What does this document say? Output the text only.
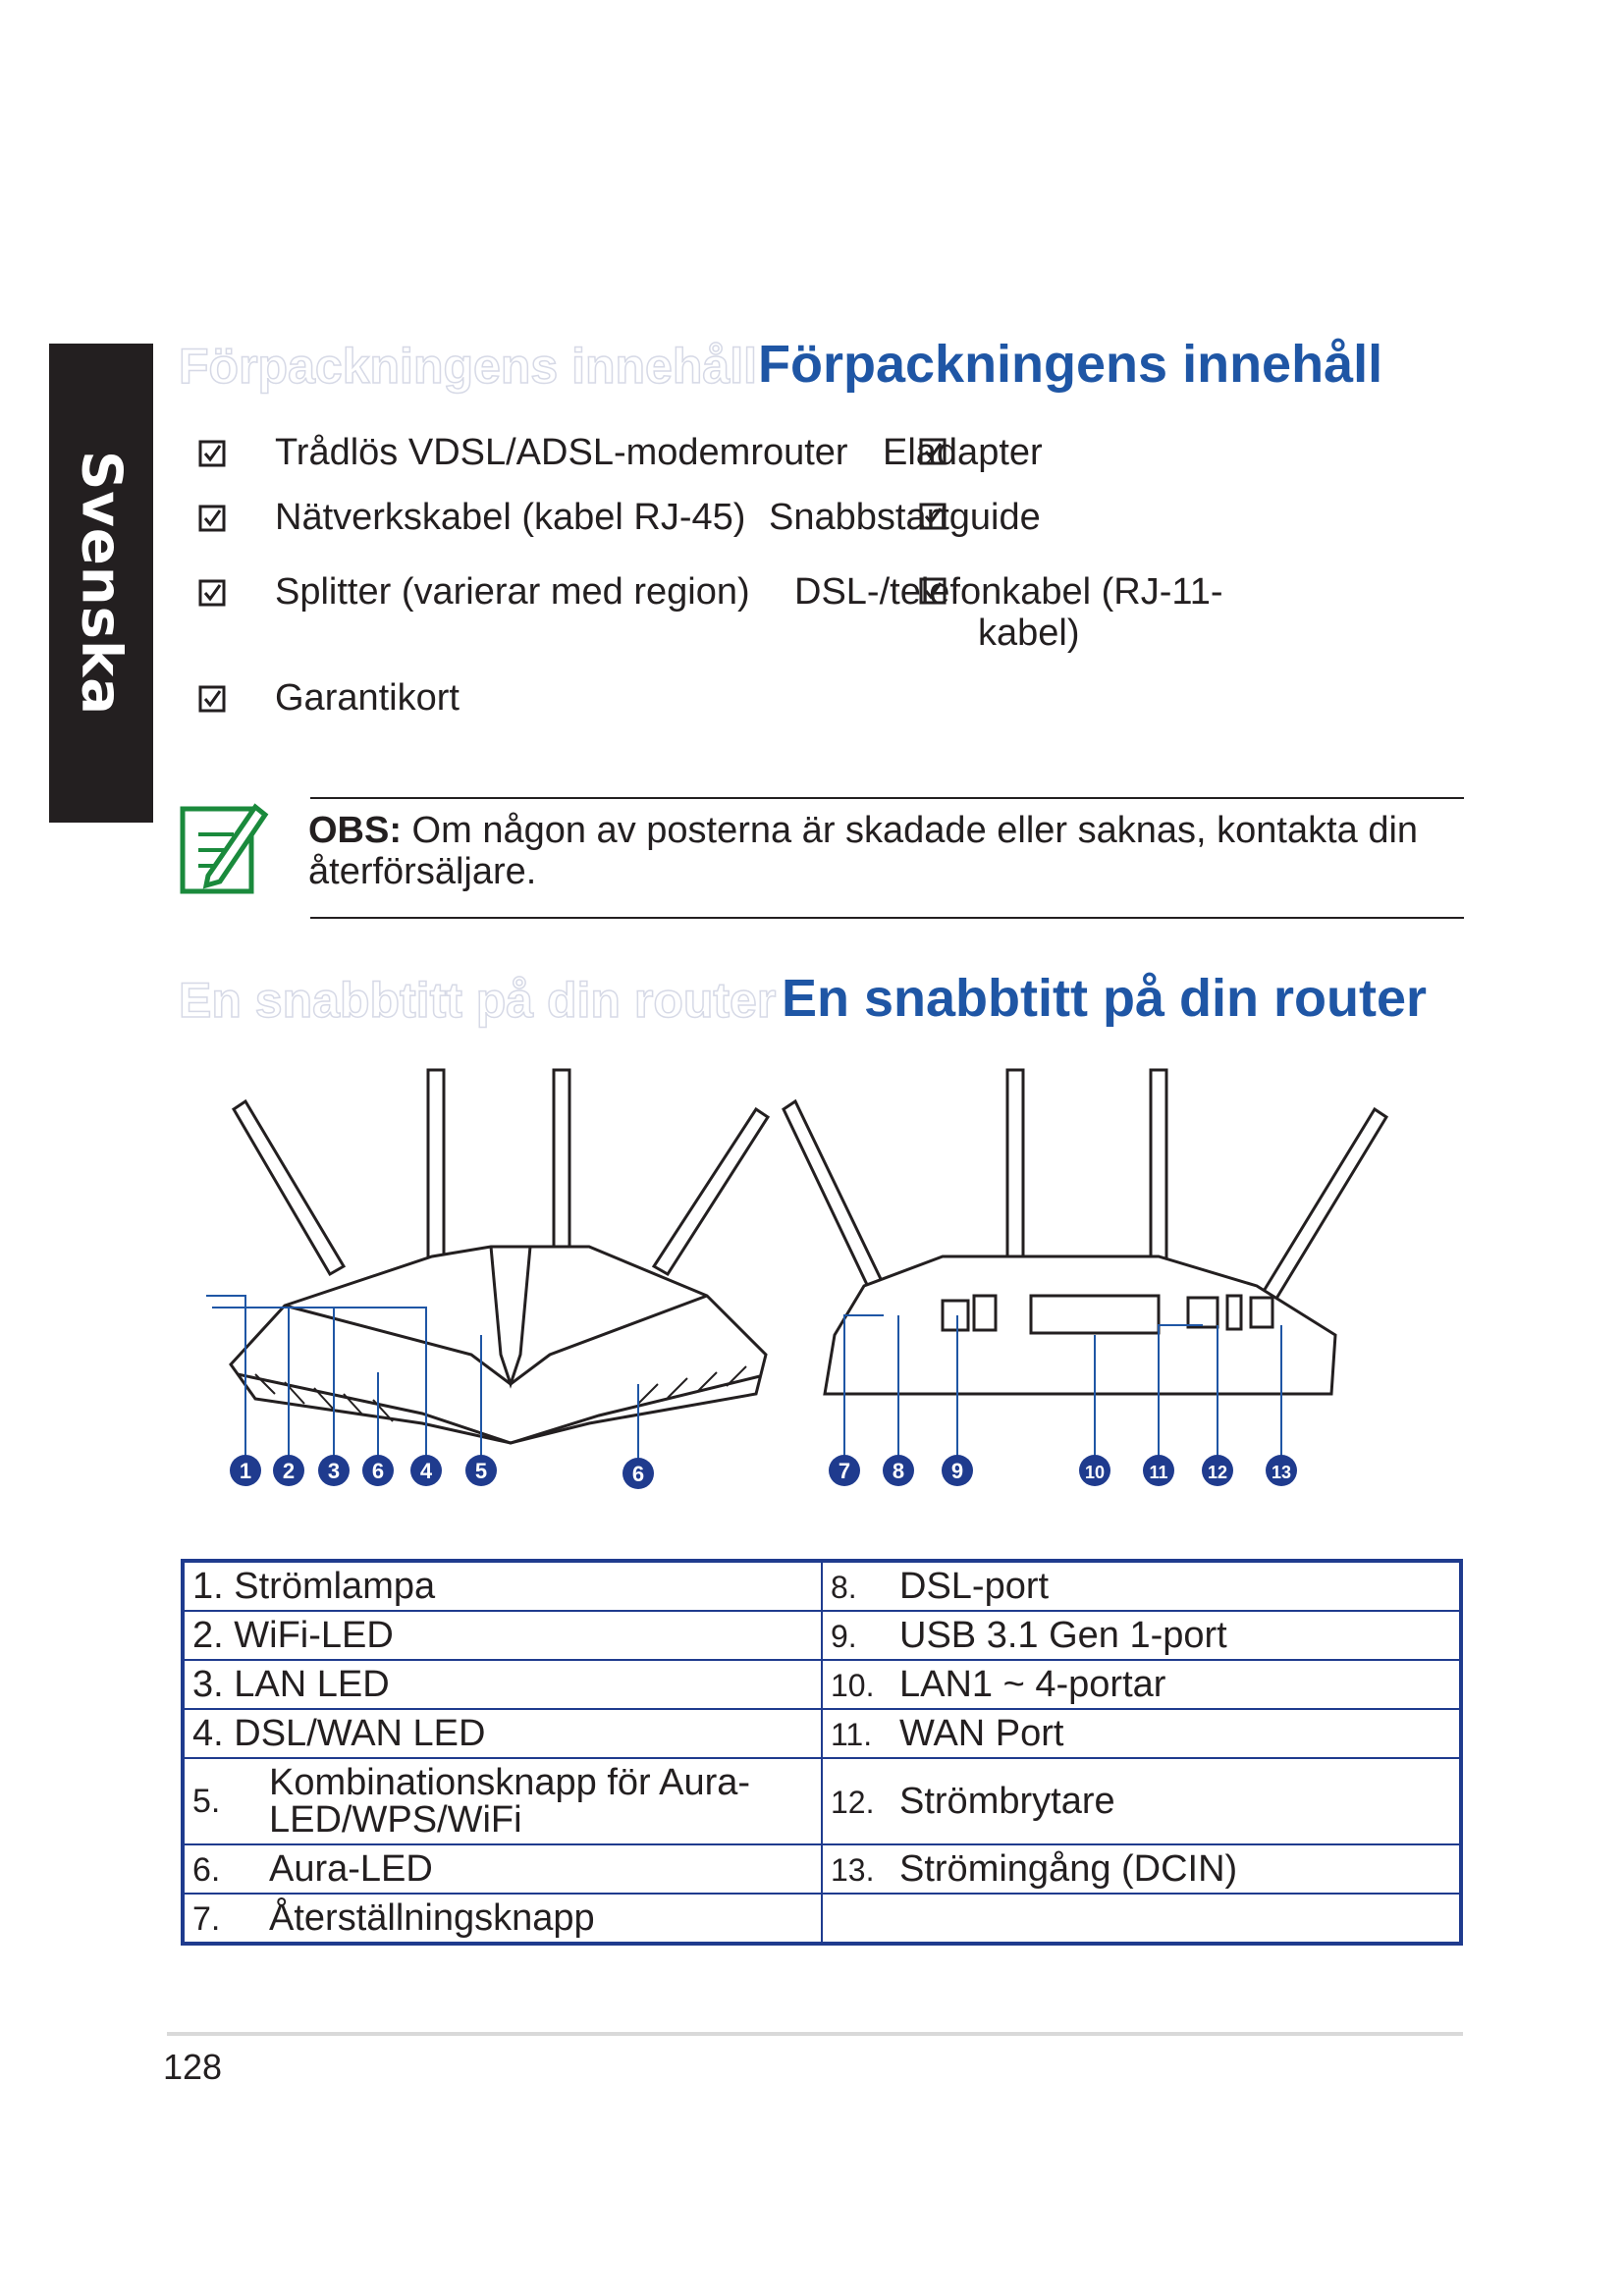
Svenska
Förpackningens innehåll Förpackningens innehåll
Trådlös VDSL/ADSL-modemrouter Eladapter
Nätverkskabel (kabel RJ-45) Snabbstartguide
Splitter (varierar med region) DSL-/telefonkabel (RJ-11-
kabel)
Garantikort
OBS: Om någon av posterna är skadade eller saknas, kontakta din återförsäljare.
En snabbtitt på din router En snabbtitt på din router
1 2 3 6 4 5	6	7 8 9	10	11 12 13
1. Strömlampa	8. DSL-port
2. WiFi-LED	9. USB 3.1 Gen 1-port
3. LAN LED	10. LAN1 ~ 4-portar
4. DSL/WAN LED	11. WAN Port

5. Kombinationsknapp för Aura-
LED/WPS/WiFi	12. Strömbrytare
6. Aura-LED	13. Strömingång (DCIN)
7. Återställningsknapp	
128
